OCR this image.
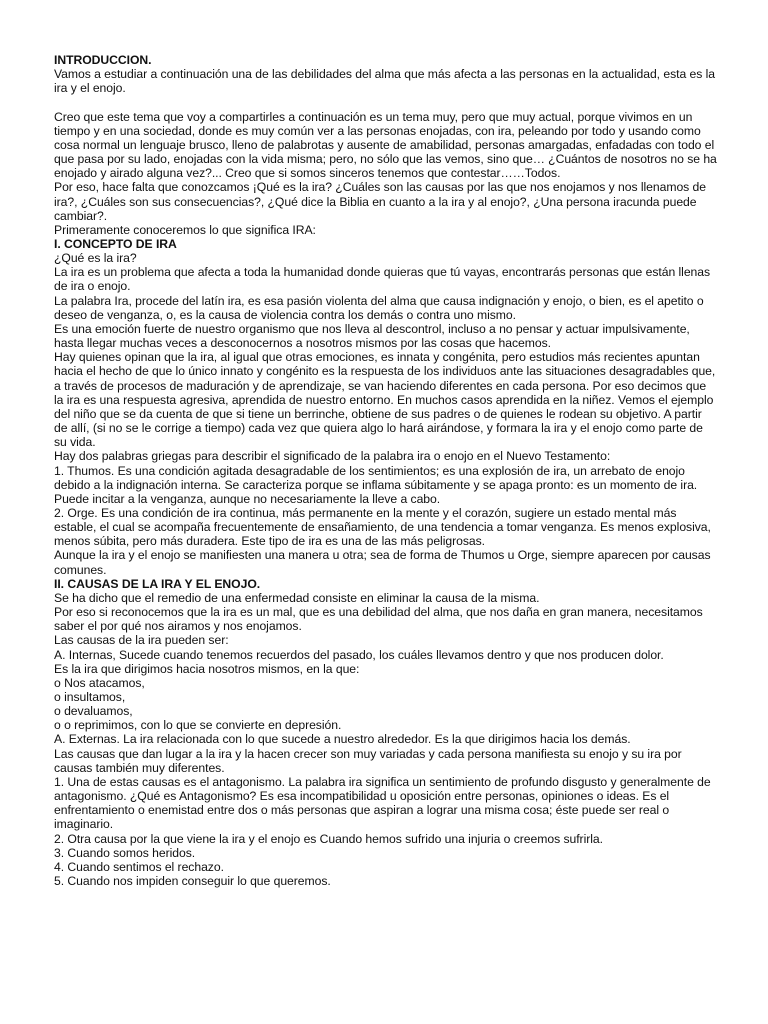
INTRODUCCION.

Vamos a estudiar a continuación una de las debilidades del alma que más afecta a las personas en la actualidad, esta es la ira y el enojo.

Creo que este tema que voy a compartirles a continuación es un tema muy, pero que muy actual, porque vivimos en un tiempo y en una sociedad, donde es muy común ver a las personas enojadas, con ira, peleando por todo y usando como cosa normal un lenguaje brusco, lleno de palabrotas y ausente de amabilidad, personas amargadas, enfadadas con todo el que pasa por su lado, enojadas con la vida misma; pero, no sólo que las vemos, sino que… ¿Cuántos de nosotros no se ha enojado y airado alguna vez?... Creo que si somos sinceros tenemos que contestar……Todos.

Por eso, hace falta que conozcamos ¡Qué es la ira? ¿Cuáles son las causas por las que nos enojamos y nos llenamos de ira?, ¿Cuáles son sus consecuencias?, ¿Qué dice la Biblia en cuanto a la ira y al enojo?, ¿Una persona iracunda puede cambiar?.

Primeramente conoceremos lo que significa IRA:

I. CONCEPTO DE IRA

¿Qué es la ira?

La ira es un problema que afecta a toda la humanidad donde quieras que tú vayas, encontrarás personas que están llenas de ira o enojo.

La palabra Ira, procede del latín ira, es esa pasión violenta del alma que causa indignación y enojo, o bien, es el apetito o deseo de venganza, o, es la causa de violencia contra los demás o contra uno mismo.

Es una emoción fuerte de nuestro organismo que nos lleva al descontrol, incluso a no pensar y actuar impulsivamente, hasta llegar muchas veces a desconocernos a nosotros mismos por las cosas que hacemos.

Hay quienes opinan que la ira, al igual que otras emociones, es innata y congénita, pero estudios más recientes apuntan hacia el hecho de que lo único innato y congénito es la respuesta de los individuos ante las situaciones desagradables que, a través de procesos de maduración y de aprendizaje, se van haciendo diferentes en cada persona. Por eso decimos que la ira es una respuesta agresiva, aprendida de nuestro entorno. En muchos casos aprendida en la niñez. Vemos el ejemplo del niño que se da cuenta de que si tiene un berrinche, obtiene de sus padres o de quienes le rodean su objetivo. A partir de allí, (si no se le corrige a tiempo) cada vez que quiera algo lo hará airándose, y formara la ira y el enojo como parte de su vida.

Hay dos palabras griegas para describir el significado de la palabra ira o enojo en el Nuevo Testamento:

1. Thumos. Es una condición agitada desagradable de los sentimientos; es una explosión de ira, un arrebato de enojo debido a la indignación interna. Se caracteriza porque se inflama súbitamente y se apaga pronto: es un momento de ira. Puede incitar a la venganza, aunque no necesariamente la lleve a cabo.

2. Orge. Es una condición de ira continua, más permanente en la mente y el corazón, sugiere un estado mental más estable, el cual se acompaña frecuentemente de ensañamiento, de una tendencia a tomar venganza. Es menos explosiva, menos súbita, pero más duradera. Este tipo de ira es una de las más peligrosas.

Aunque la ira y el enojo se manifiesten una manera u otra; sea de forma de Thumos u Orge, siempre aparecen por causas comunes.

II. CAUSAS DE LA IRA Y EL ENOJO.

Se ha dicho que el remedio de una enfermedad consiste en eliminar la causa de la misma.

Por eso si reconocemos que la ira es un mal, que es una debilidad del alma, que nos daña en gran manera, necesitamos saber el por qué nos airamos y nos enojamos.

Las causas de la ira pueden ser:

A. Internas, Sucede cuando tenemos recuerdos del pasado, los cuáles llevamos dentro y que nos producen dolor.

Es la ira que dirigimos hacia nosotros mismos, en la que:

o Nos atacamos,

o insultamos,

o devaluamos,

o o reprimimos, con lo que se convierte en depresión.

A. Externas. La ira relacionada con lo que sucede a nuestro alrededor. Es la que dirigimos hacia los demás.

Las causas que dan lugar a la ira y la hacen crecer son muy variadas y cada persona manifiesta su enojo y su ira por causas también muy diferentes.

1. Una de estas causas es el antagonismo. La palabra ira significa un sentimiento de profundo disgusto y generalmente de antagonismo. ¿Qué es Antagonismo? Es esa incompatibilidad u oposición entre personas, opiniones o ideas. Es el enfrentamiento o enemistad entre dos o más personas que aspiran a lograr una misma cosa; éste puede ser real o imaginario.

2. Otra causa por la que viene la ira y el enojo es Cuando hemos sufrido una injuria o creemos sufrirla.

3. Cuando somos heridos.

4. Cuando sentimos el rechazo.

5. Cuando nos impiden conseguir lo que queremos.
